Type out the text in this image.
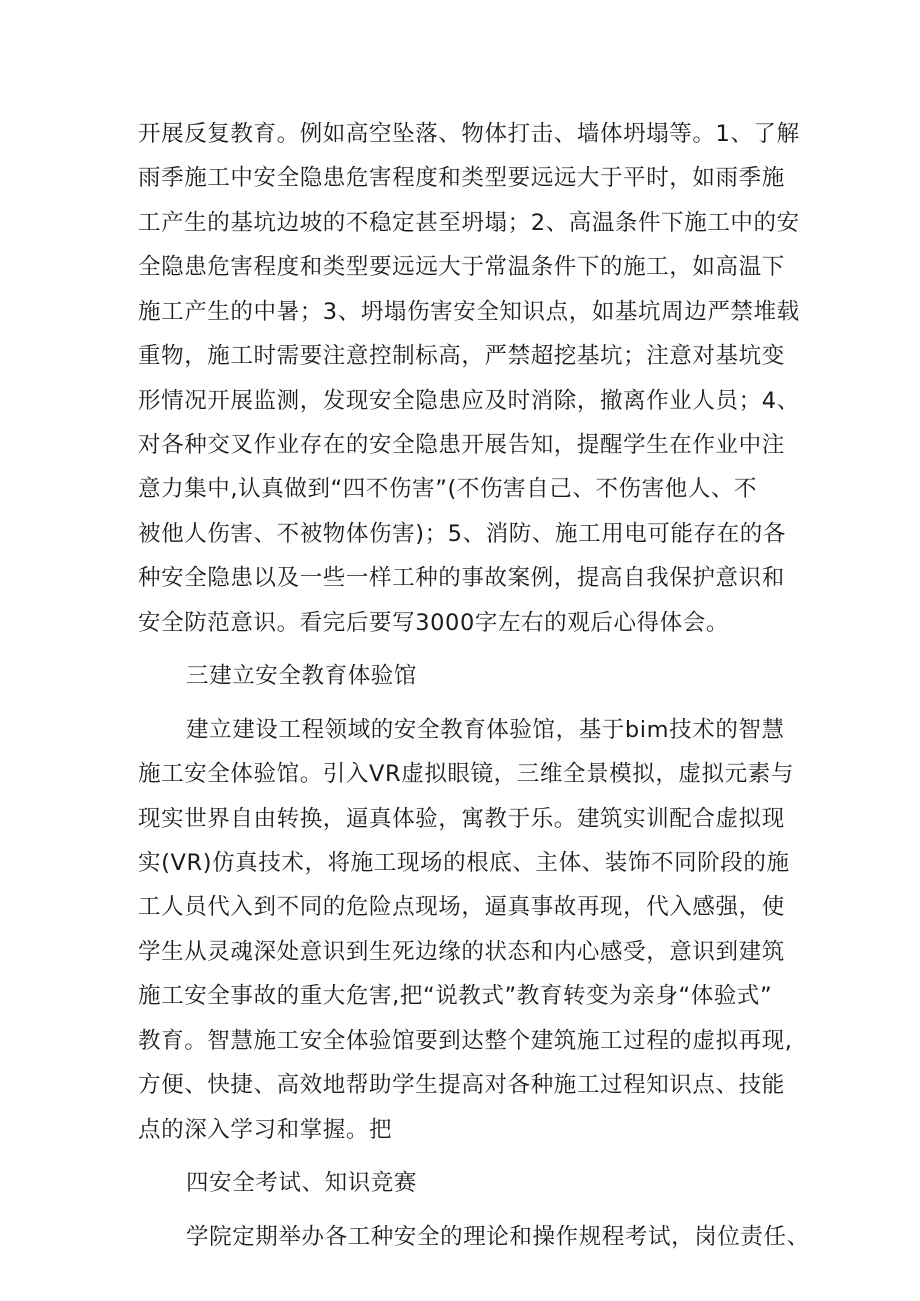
开展反复教育。例如高空坠落、物体打击、墙体坍塌等。1、了解
雨季施工中安全隐患危害程度和类型要远远大于平时，如雨季施
工产生的基坑边坡的不稳定甚至坍塌；2、高温条件下施工中的安
全隐患危害程度和类型要远远大于常温条件下的施工，如高温下
施工产生的中暑；3、坍塌伤害安全知识点，如基坑周边严禁堆载
重物，施工时需要注意控制标高，严禁超挖基坑；注意对基坑变
形情况开展监测，发现安全隐患应及时消除，撤离作业人员；4、
对各种交叉作业存在的安全隐患开展告知，提醒学生在作业中注
意力集中,认真做到“四不伤害”(不伤害自己、不伤害他人、不
被他人伤害、不被物体伤害)；5、消防、施工用电可能存在的各
种安全隐患以及一些一样工种的事故案例，提高自我保护意识和
安全防范意识。看完后要写3000字左右的观后心得体会。
三建立安全教育体验馆
建立建设工程领域的安全教育体验馆，基于bim技术的智慧
施工安全体验馆。引入VR虚拟眼镜，三维全景模拟，虚拟元素与
现实世界自由转换，逼真体验，寓教于乐。建筑实训配合虚拟现
实(VR)仿真技术，将施工现场的根底、主体、装饰不同阶段的施
工人员代入到不同的危险点现场，逼真事故再现，代入感强，使
学生从灵魂深处意识到生死边缘的状态和内心感受，意识到建筑
施工安全事故的重大危害,把“说教式”教育转变为亲身“体验式”
教育。智慧施工安全体验馆要到达整个建筑施工过程的虚拟再现,
方便、快捷、高效地帮助学生提高对各种施工过程知识点、技能
点的深入学习和掌握。把
四安全考试、知识竞赛
学院定期举办各工种安全的理论和操作规程考试，岗位责任、
